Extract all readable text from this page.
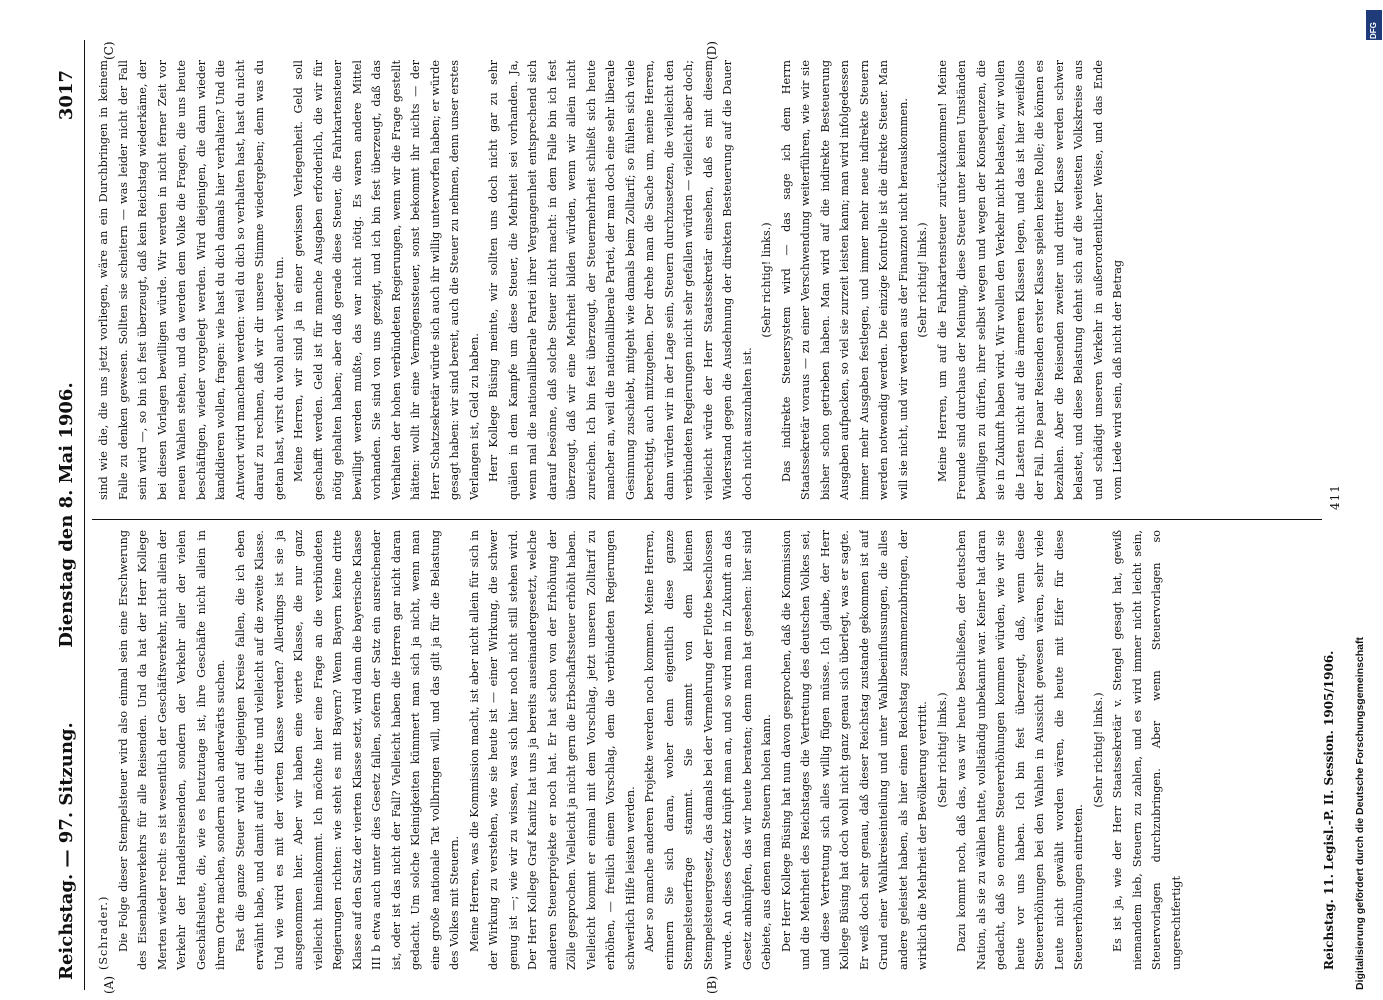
DFG
Digitalisierung gefördert durch die Deutsche Forschungsgemeinschaft
Reichstag. — 97. Sitzung.
Dienstag den 8. Mai 1906.
3017
(A)	(B)
(C)	(D)

(Schrader.) Die Folge dieser Stempelsteuer wird also einmal sein eine Erschwerung des Eisenbahnverkehrs für alle Reisenden. Und da hat der Herr Kollege Merten wieder recht: es ist wesentlich der Geschäftsverkehr, nicht allein der Verkehr der Handelsreisenden, sondern der Verkehr aller der vielen Geschäftsleute, die, wie es heutzutage ist, ihre Geschäfte nicht allein in ihrem Orte machen, sondern auch anderwärts suchen. Fast die ganze Steuer wird auf diejenigen Kreise fallen, die ich eben erwähnt habe, und damit auf die dritte und vielleicht auf die zweite Klasse. Und wie wird es mit der vierten Klasse werden? Allerdings ist sie ja ausgenommen hier. Aber wir haben eine vierte Klasse, die nur ganz vielleicht hineinkommt. Ich möchte hier eine Frage an die verbündeten Regierungen richten: wie steht es mit Bayern? Wenn Bayern keine dritte Klasse auf den Satz der vierten Klasse setzt, wird dann die bayerische Klasse III b etwa auch unter dies Gesetz fallen, sofern der Satz ein ausreichender ist, oder ist das nicht der Fall? Vielleicht haben die Herren gar nicht daran gedacht. Um solche Kleinigkeiten kümmert man sich ja nicht, wenn man eine große nationale Tat vollbringen will, und das gilt ja für die Belastung des Volkes mit Steuern. Meine Herren, was die Kommission macht, ist aber nicht allein für sich in der Wirkung zu verstehen, wie sie heute ist — einer Wirkung, die schwer genug ist —; wie wir zu wissen, was sich hier noch nicht still stehen wird. Der Herr Kollege Graf Kanitz hat uns ja bereits auseinandergesetzt, welche anderen Steuerprojekte er noch hat. Er hat schon von der Erhöhung der Zölle gesprochen. Vielleicht ja nicht gern die Erbschaftssteuer erhöht haben. Vielleicht kommt er einmal mit dem Vorschlag, jetzt unseren Zolltarif zu erhöhen, — freilich einem Vorschlag, dem die verbündeten Regierungen schwerlich Hilfe leisten werden. Aber so manche anderen Projekte werden noch kommen. Meine Herren, erinnern Sie sich daran, woher denn eigentlich diese ganze Stempelsteuerfrage stammt. Sie stammt von dem kleinen Stempelsteuergesetz, das damals bei der Vermehrung der Flotte beschlossen wurde. An dieses Gesetz knüpft man an, und so wird man in Zukunft an das Gesetz anknüpfen, das wir heute beraten; denn man hat gesehen: hier sind Gebiete, aus denen man Steuern holen kann. Der Herr Kollege Büsing hat nun davon gesprochen, daß die Kommission und die Mehrheit des Reichstages die Vertretung des deutschen Volkes sei, und diese Vertretung sich alles willig fügen müsse. Ich glaube, der Herr Kollege Büsing hat doch wohl nicht ganz genau sich überlegt, was er sagte. Er weiß doch sehr genau, daß dieser Reichstag zustande gekommen ist auf Grund einer Wahlkreiseinteilung und unter Wahlbeeinflussungen, die alles andere geleistet haben, als hier einen Reichstag zusammenzubringen, der wirklich die Mehrheit der Bevölkerung vertritt. (Sehr richtig! links.) Dazu kommt noch, daß das, was wir heute beschließen, der deutschen Nation, als sie zu wählen hatte, vollständig unbekannt war. Keiner hat daran gedacht, daß so enorme Steuererhöhungen kommen würden, wie wir sie heute vor uns haben. Ich bin fest überzeugt, daß, wenn diese Steuererhöhungen bei den Wahlen in Aussicht gewesen wären, sehr viele Leute nicht gewählt worden wären, die heute mit Eifer für diese Steuererhöhungen eintreten.

(Sehr richtig! links.) Es ist ja, wie der Herr Staatssekretär v. Stengel gesagt hat, gewiß niemandem lieb, Steuern zu zahlen, und es wird immer nicht leicht sein, Steuervorlagen durchzubringen. Aber wenn Steuervorlagen so ungerechtfertigt

sind wie die, die uns jetzt vorliegen, wäre an ein Durchbringen in keinem Falle zu denken gewesen. Sollten sie scheitern — was leider nicht der Fall sein wird —, so bin ich fest überzeugt, daß kein Reichstag wiederkäme, der bei diesen Vorlagen bewilligen würde. Wir werden in nicht ferner Zeit vor neuen Wahlen stehen, und da werden dem Volke die Fragen, die uns heute beschäftigen, wieder vorgelegt werden. Wird diejenigen, die dann wieder kandidieren wollen, fragen: wie hast du dich damals hier verhalten? Und die Antwort wird manchem werden: weil du dich so verhalten hast, hast du nicht darauf zu rechnen, daß wir dir unsere Stimme wiedergeben; denn was du getan hast, wirst du wohl auch wieder tun. Meine Herren, wir sind ja in einer gewissen Verlegenheit. Geld soll geschafft werden. Geld ist für manche Ausgaben erforderlich, die wir für nötig gehalten haben; aber daß gerade diese Steuer, die Fahrkartensteuer bewilligt werden mußte, das war nicht nötig. Es waren andere Mittel vorhanden. Sie sind von uns gezeigt, und ich bin fest überzeugt, daß das Verhalten der hohen verbündeten Regierungen, wenn wir die Frage gestellt hätten: wollt ihr eine Vermögenssteuer, sonst bekommt ihr nichts — der Herr Schatzsekretär würde sich auch ihr willig unterworfen haben; er würde gesagt haben: wir sind bereit, auch die Steuer zu nehmen, denn unser erstes Verlangen ist, Geld zu haben. Herr Kollege Büsing meinte, wir sollten uns doch nicht gar zu sehr quälen in dem Kampfe um diese Steuer, die Mehrheit sei vorhanden. Ja, wenn mal die nationalliberale Partei ihrer Vergangenheit entsprechend sich darauf besönne, daß solche Steuer nicht macht: in dem Falle bin ich fest überzeugt, daß wir eine Mehrheit bilden würden, wenn wir allein nicht zureichen. Ich bin fest überzeugt, der Steuermehrheit schließt sich heute mancher an, weil die nationalliberale Partei, der man doch eine sehr liberale Gesinnung zuschiebt, mitgeht wie damals beim Zolltarif; so fühlen sich viele berechtigt, auch mitzugehen. Der drehe man die Sache um, meine Herren, dann würden wir in der Lage sein, Steuern durchzusetzen, die vielleicht den verbündeten Regierungen nicht sehr gefallen würden — vielleicht aber doch; vielleicht würde der Herr Staatssekretär einsehen, daß es mit diesem Widerstand gegen die Ausdehnung der direkten Besteuerung auf die Dauer doch nicht auszuhalten ist.

(Sehr richtig! links.) Das indirekte Steuersystem wird — das sage ich dem Herrn Staatssekretär voraus — zu einer Verschwendung weiterführen, wie wir sie bisher schon getrieben haben. Man wird auf die indirekte Besteuerung Ausgaben aufpacken, so viel sie zurzeit leisten kann; man wird infolgedessen immer mehr Ausgaben festlegen, und immer mehr neue indirekte Steuern werden notwendig werden. Die einzige Kontrolle ist die direkte Steuer. Man will sie nicht, und wir werden aus der Finanznot nicht herauskommen. (Sehr richtig! links.) Meine Herren, um auf die Fahrkartensteuer zurückzukommen! Meine Freunde sind durchaus der Meinung, diese Steuer unter keinen Umständen bewilligen zu dürfen, ihrer selbst wegen und wegen der Konsequenzen, die sie in Zukunft haben wird. Wir wollen den Verkehr nicht belasten, wir wollen die Lasten nicht auf die ärmeren Klassen legen, und das ist hier zweifellos der Fall. Die paar Reisenden erster Klasse spielen keine Rolle; die können es bezahlen. Aber die Reisenden zweiter und dritter Klasse werden schwer belastet, und diese Belastung dehnt sich auf die weitesten Volkskreise aus und schädigt unseren Verkehr in außerordentlicher Weise, und das Ende vom Liede wird sein, daß nicht der Betrag

Reichstag. 11. Legisl.-P. II. Session. 1905/1906.
411
